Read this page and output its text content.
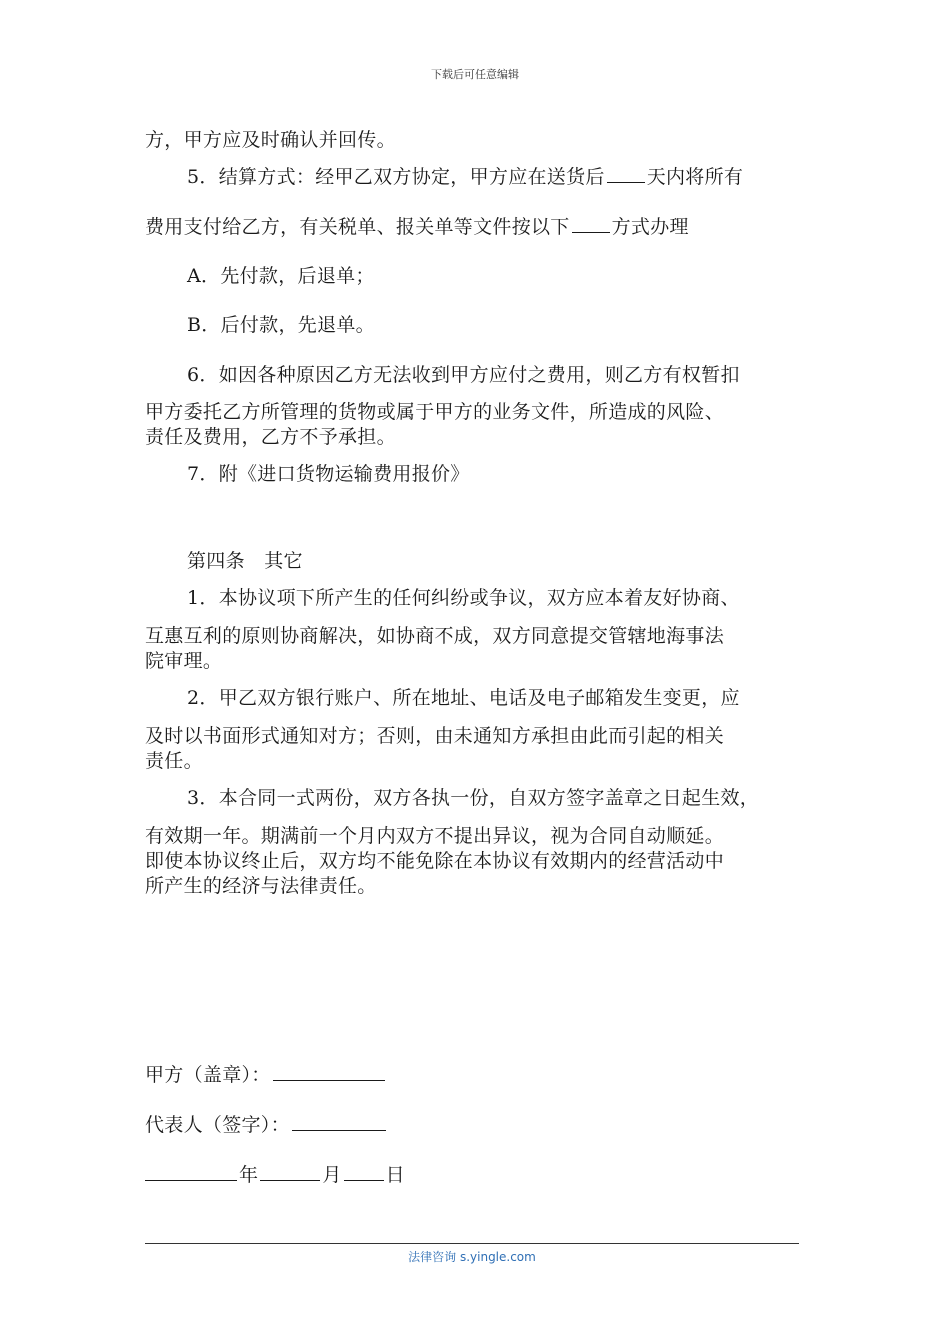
下载后可任意编辑
方，甲方应及时确认并回传。
5．结算方式：经甲乙双方协定，甲方应在送货后 天内将所有
费用支付给乙方，有关税单、报关单等文件按以下 方式办理
A．先付款，后退单；
B．后付款，先退单。
6．如因各种原因乙方无法收到甲方应付之费用，则乙方有权暂扣
甲方委托乙方所管理的货物或属于甲方的业务文件，所造成的风险、
责任及费用，乙方不予承担。
7．附《进口货物运输费用报价》
第四条　其它
1．本协议项下所产生的任何纠纷或争议，双方应本着友好协商、
互惠互利的原则协商解决，如协商不成，双方同意提交管辖地海事法
院审理。
2．甲乙双方银行账户、所在地址、电话及电子邮箱发生变更，应
及时以书面形式通知对方；否则，由未通知方承担由此而引起的相关
责任。
3．本合同一式两份，双方各执一份，自双方签字盖章之日起生效，
有效期一年。期满前一个月内双方不提出异议，视为合同自动顺延。
即使本协议终止后，双方均不能免除在本协议有效期内的经营活动中
所产生的经济与法律责任。
甲方（盖章）：
代表人（签字）：
年	月 日
法律咨询 s.yingle.com
